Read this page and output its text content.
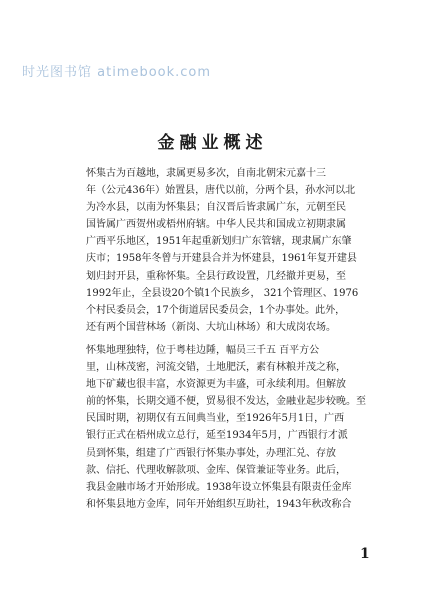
时光图书馆 atimebook.com
金融业概述

怀集古为百越地，隶属更易多次，自南北朝宋元嘉十三
年（公元436年）始置县，唐代以前，分两个县，孙水河以北
为冷水县，以南为怀集县；自汉晋后皆隶属广东，元朝至民
国皆属广西贺州或梧州府辖。中华人民共和国成立初期隶属
广西平乐地区，1951年起重新划归广东管辖，现隶属广东肇
庆市；1958年冬曾与开建县合并为怀建县，1961年复开建县
划归封开县，重称怀集。全县行政设置，几经撤并更易，至
1992年止，全县设20个镇1个民族乡， 321个管理区、1976
个村民委员会，17个街道居民委员会，1个办事处。此外，
还有两个国营林场（新岗、大坑山林场）和大成岗农场。

怀集地理独特，位于粤桂边陲，幅员三千五 百平方公
里，山林茂密，河流交错，土地肥沃，素有林粮并茂之称，
地下矿藏也很丰富，水资源更为丰盛，可永续利用。但解放
前的怀集，长期交通不便，贸易很不发达，金融业起步较晚。至
民国时期，初期仅有五间典当业，至1926年5月1日，广西
银行正式在梧州成立总行，延至1934年5月，广西银行才派
员到怀集，组建了广西银行怀集办事处，办理汇兑、存放
款、信托、代理收解款项、金库、保管兼证等业务。此后，
我县金融市场才开始形成。1938年设立怀集县有限责任金库
和怀集县地方金库，同年开始组织互助社，1943年秋改称合

1
